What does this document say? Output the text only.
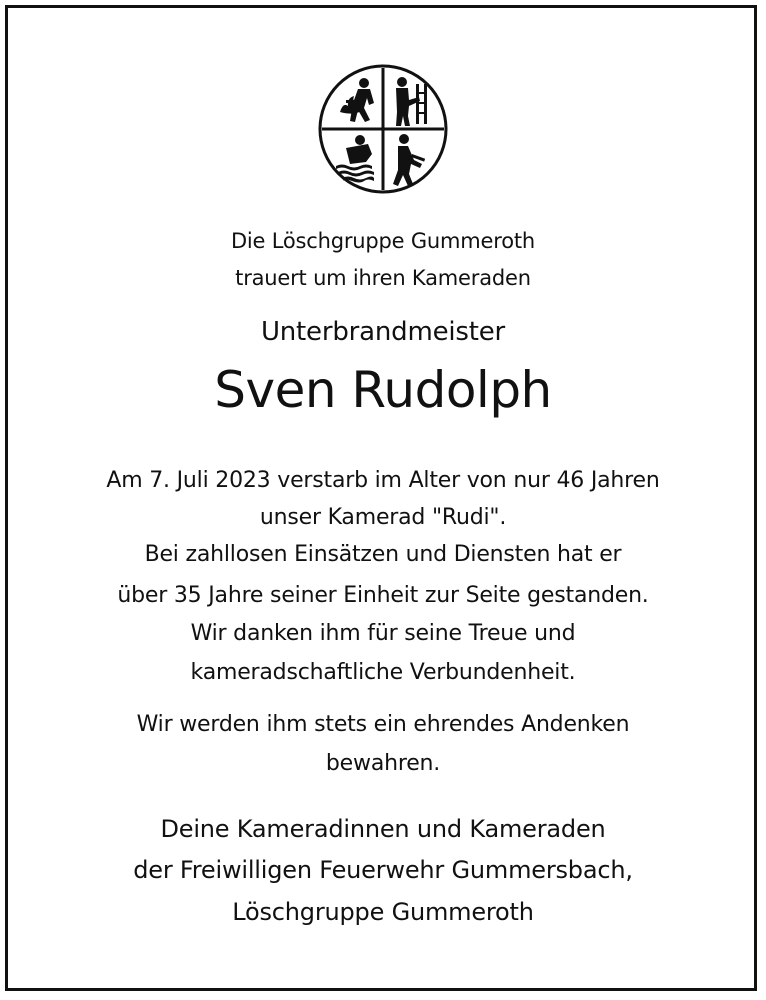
Die Löschgruppe Gummeroth
trauert um ihren Kameraden
Unterbrandmeister
Sven Rudolph
Am 7. Juli 2023 verstarb im Alter von nur 46 Jahren
unser Kamerad "Rudi".
Bei zahllosen Einsätzen und Diensten hat er
über 35 Jahre seiner Einheit zur Seite gestanden.
Wir danken ihm für seine Treue und
kameradschaftliche Verbundenheit.
Wir werden ihm stets ein ehrendes Andenken
bewahren.
Deine Kameradinnen und Kameraden
der Freiwilligen Feuerwehr Gummersbach,
Löschgruppe Gummeroth
